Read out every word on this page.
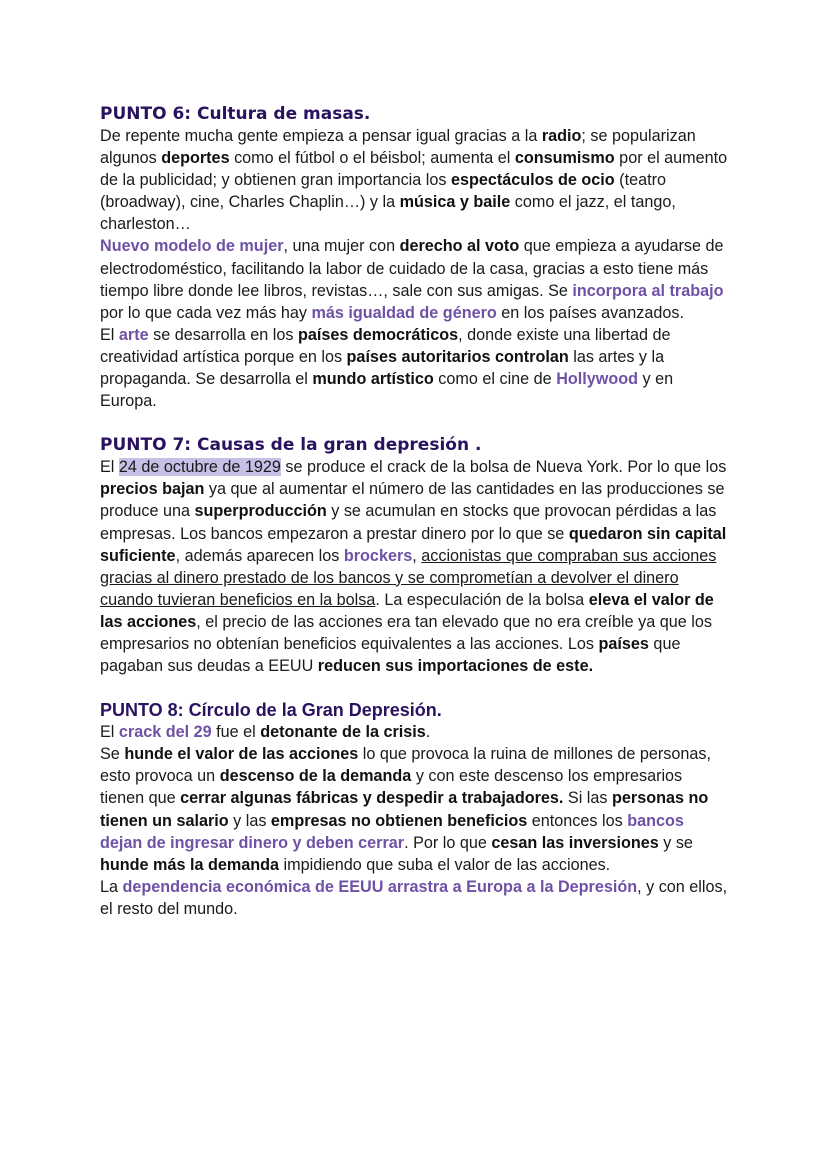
PUNTO 6: Cultura de masas.

De repente mucha gente empieza a pensar igual gracias a la radio; se popularizan algunos deportes como el fútbol o el béisbol; aumenta el consumismo por el aumento de la publicidad; y obtienen gran importancia los espectáculos de ocio (teatro (broadway), cine, Charles Chaplin…) y la música y baile como el jazz, el tango, charleston…

Nuevo modelo de mujer, una mujer con derecho al voto que empieza a ayudarse de electrodoméstico, facilitando la labor de cuidado de la casa, gracias a esto tiene más tiempo libre donde lee libros, revistas…, sale con sus amigas. Se incorpora al trabajo por lo que cada vez más hay más igualdad de género en los países avanzados.

El arte se desarrolla en los países democráticos, donde existe una libertad de creatividad artística porque en los países autoritarios controlan las artes y la propaganda. Se desarrolla el mundo artístico como el cine de Hollywood y en Europa.

PUNTO 7: Causas de la gran depresión .

El 24 de octubre de 1929 se produce el crack de la bolsa de Nueva York. Por lo que los precios bajan ya que al aumentar el número de las cantidades en las producciones se produce una superproducción y se acumulan en stocks que provocan pérdidas a las empresas. Los bancos empezaron a prestar dinero por lo que se quedaron sin capital suficiente, además aparecen los brockers, accionistas que compraban sus acciones gracias al dinero prestado de los bancos y se comprometían a devolver el dinero cuando tuvieran beneficios en la bolsa. La especulación de la bolsa eleva el valor de las acciones, el precio de las acciones era tan elevado que no era creíble ya que los empresarios no obtenían beneficios equivalentes a las acciones. Los países que pagaban sus deudas a EEUU reducen sus importaciones de este.

PUNTO 8: Círculo de la Gran Depresión.

El crack del 29 fue el detonante de la crisis.

Se hunde el valor de las acciones lo que provoca la ruina de millones de personas, esto provoca un descenso de la demanda y con este descenso los empresarios tienen que cerrar algunas fábricas y despedir a trabajadores. Si las personas no tienen un salario y las empresas no obtienen beneficios entonces los bancos dejan de ingresar dinero y deben cerrar. Por lo que cesan las inversiones y se hunde más la demanda impidiendo que suba el valor de las acciones.

La dependencia económica de EEUU arrastra a Europa a la Depresión, y con ellos, el resto del mundo.
